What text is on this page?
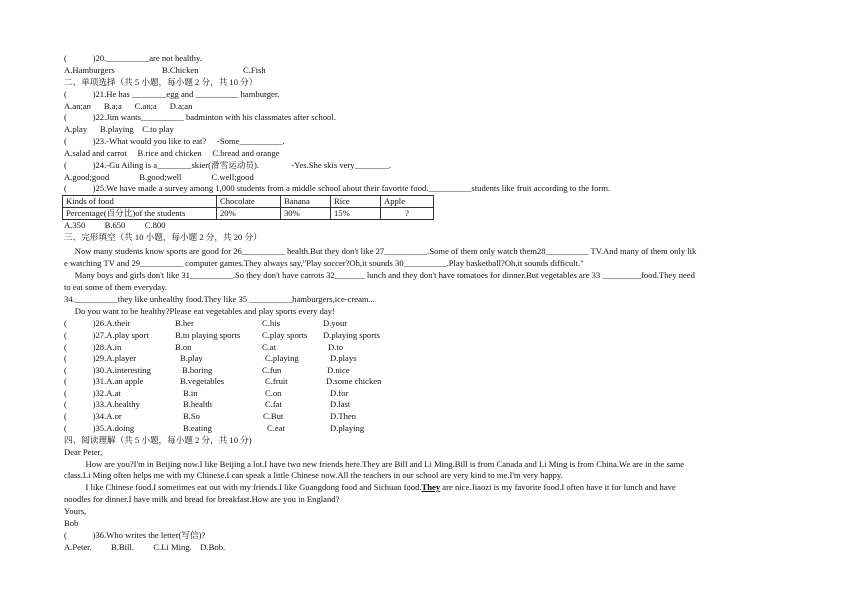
(            )20.__________are not healthy.
A.Hamburgers	B.Chicken	C.Fish
二、单项选择（共 5 小题，每小题 2 分，共 10 分）
(            )21.He has ________egg and __________ hamburger.
A.an;an      B.a;a      C.an;a      D.a;an
(            )22.Jim wants__________ badminton with his classmates after school.
A.play      B.playing    C.to play
(            )23.-What would you like to eat?     -Some__________.
A.salad and carrot     B.rice and chicken     C.bread and orange
(            )24.-Gu Ailing is a________skier(滑雪运动员).               -Yes.She skis very________.
A.good;good              B.good;well              C.well;good
(            )25.We have made a survey among 1,000 students from a middle school about their favorite food.__________students like fruit according to the form.
Kinds of food	Chocolate	Banana	Rice	Apple
Percentage(百分比)of the students	20%	30%	15%	?
A.350         B.650         C.800
三、完形填空（共 10 小题，每小题 2 分，共 20 分）
Now many students know sports are good for 26__________ health.But they don't like 27__________.Some of them only watch them28__________ TV.And many of them only lik
e watching TV and 29__________ computer games.They always say,"Play soccer?Oh,it sounds 30__________.Play basketball?Oh,it sounds difficult."
Many boys and girls don't like 31__________.So they don't have carrots 32_______ lunch and they don't have tomatoes for dinner.But vegetables are 33 _________food.They need
to eat some of them everyday.
34.__________they like unhealthy food.They like 35 __________hamburgers,ice-cream...
Do you want to be healthy?Please eat vegetables and play sports every day!
(            )26.A.their	B.her	C.his	D.your
(            )27.A.play sport	B.to playing sports	C.play sports D.playing sports
(            )28.A.in	B.on	C.at	D.to
(            )29.A.player	B.play	C.playing	D.plays
(            )30.A.interesting	B.boring	C.fun	D.nice
(            )31.A.an apple	B.vegetables	C.fruit	D.some chicken
(            )32.A.at	B.in	C.on	D.for
(            )33.A.healthy	B.health	C.fat	D.last
(            )34.A.or	B.So	C.But	D.Then
(            )35.A.doing	B.eating	C.eat	D.playing
四、阅读理解（共 5 小题，每小题 2 分，共 10 分)
Dear Peter,
How are you?I'm in Beijing now.I like Beijing a lot.I have two new friends here.They are Bill and Li Ming.Bill is from Canada and Li Ming is from China.We are in the same
class.Li Ming often helps me with my Chinese.I can speak a little Chinese now.All the teachers in our school are very kind to me.I'm very happy.
I like Chinese food.I sometimes eat out with my friends.I like Guangdong food and Sichuan food.They are nice.Jiaozi is my favorite food.I often have it for lunch and have
noodles for dinner.I have milk and bread for breakfast.How are you in England?
Yours,
Bob
(            )36.Who writes the letter(写信)?
A.Peter.         B.Bill.         C.Li Ming.    D.Bob.
